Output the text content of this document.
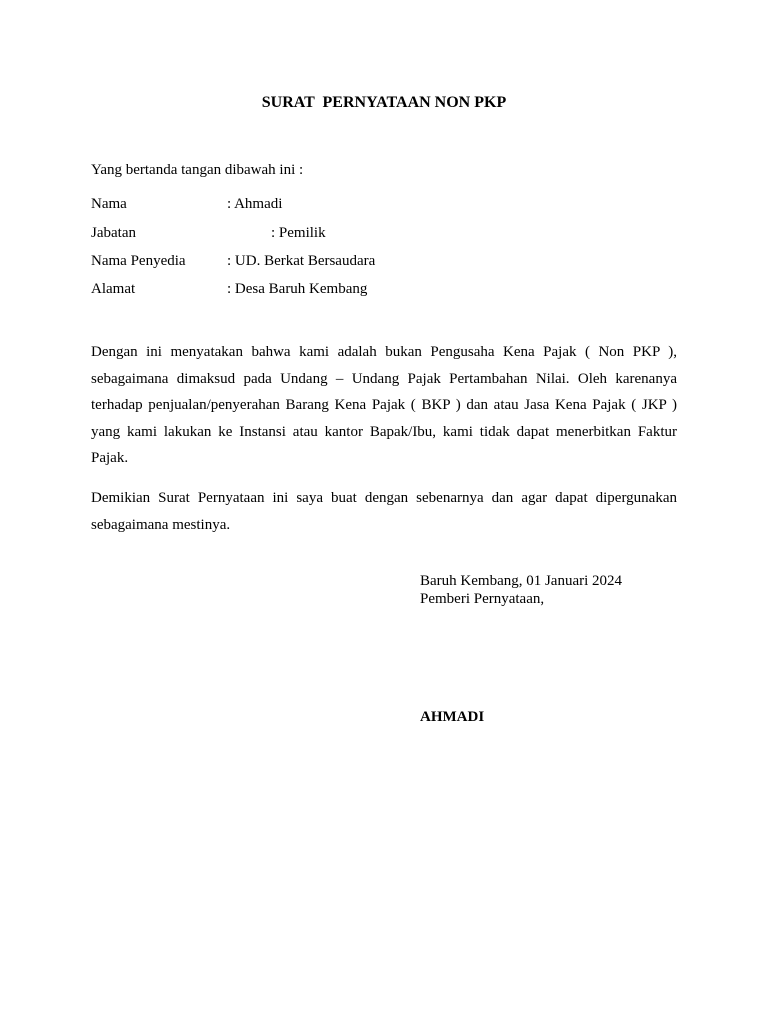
SURAT  PERNYATAAN NON PKP
Yang bertanda tangan dibawah ini :
Nama	: Ahmadi
Jabatan	: Pemilik
Nama Penyedia	: UD. Berkat Bersaudara
Alamat	: Desa Baruh Kembang
Dengan ini menyatakan bahwa kami adalah bukan Pengusaha Kena Pajak ( Non PKP ), sebagaimana dimaksud pada Undang – Undang Pajak Pertambahan Nilai. Oleh karenanya terhadap penjualan/penyerahan Barang Kena Pajak ( BKP ) dan atau Jasa Kena Pajak ( JKP ) yang kami lakukan ke Instansi atau kantor Bapak/Ibu, kami tidak dapat menerbitkan Faktur Pajak.
Demikian Surat Pernyataan ini saya buat dengan sebenarnya dan agar dapat dipergunakan sebagaimana mestinya.
Baruh Kembang, 01 Januari 2024
Pemberi Pernyataan,
AHMADI
